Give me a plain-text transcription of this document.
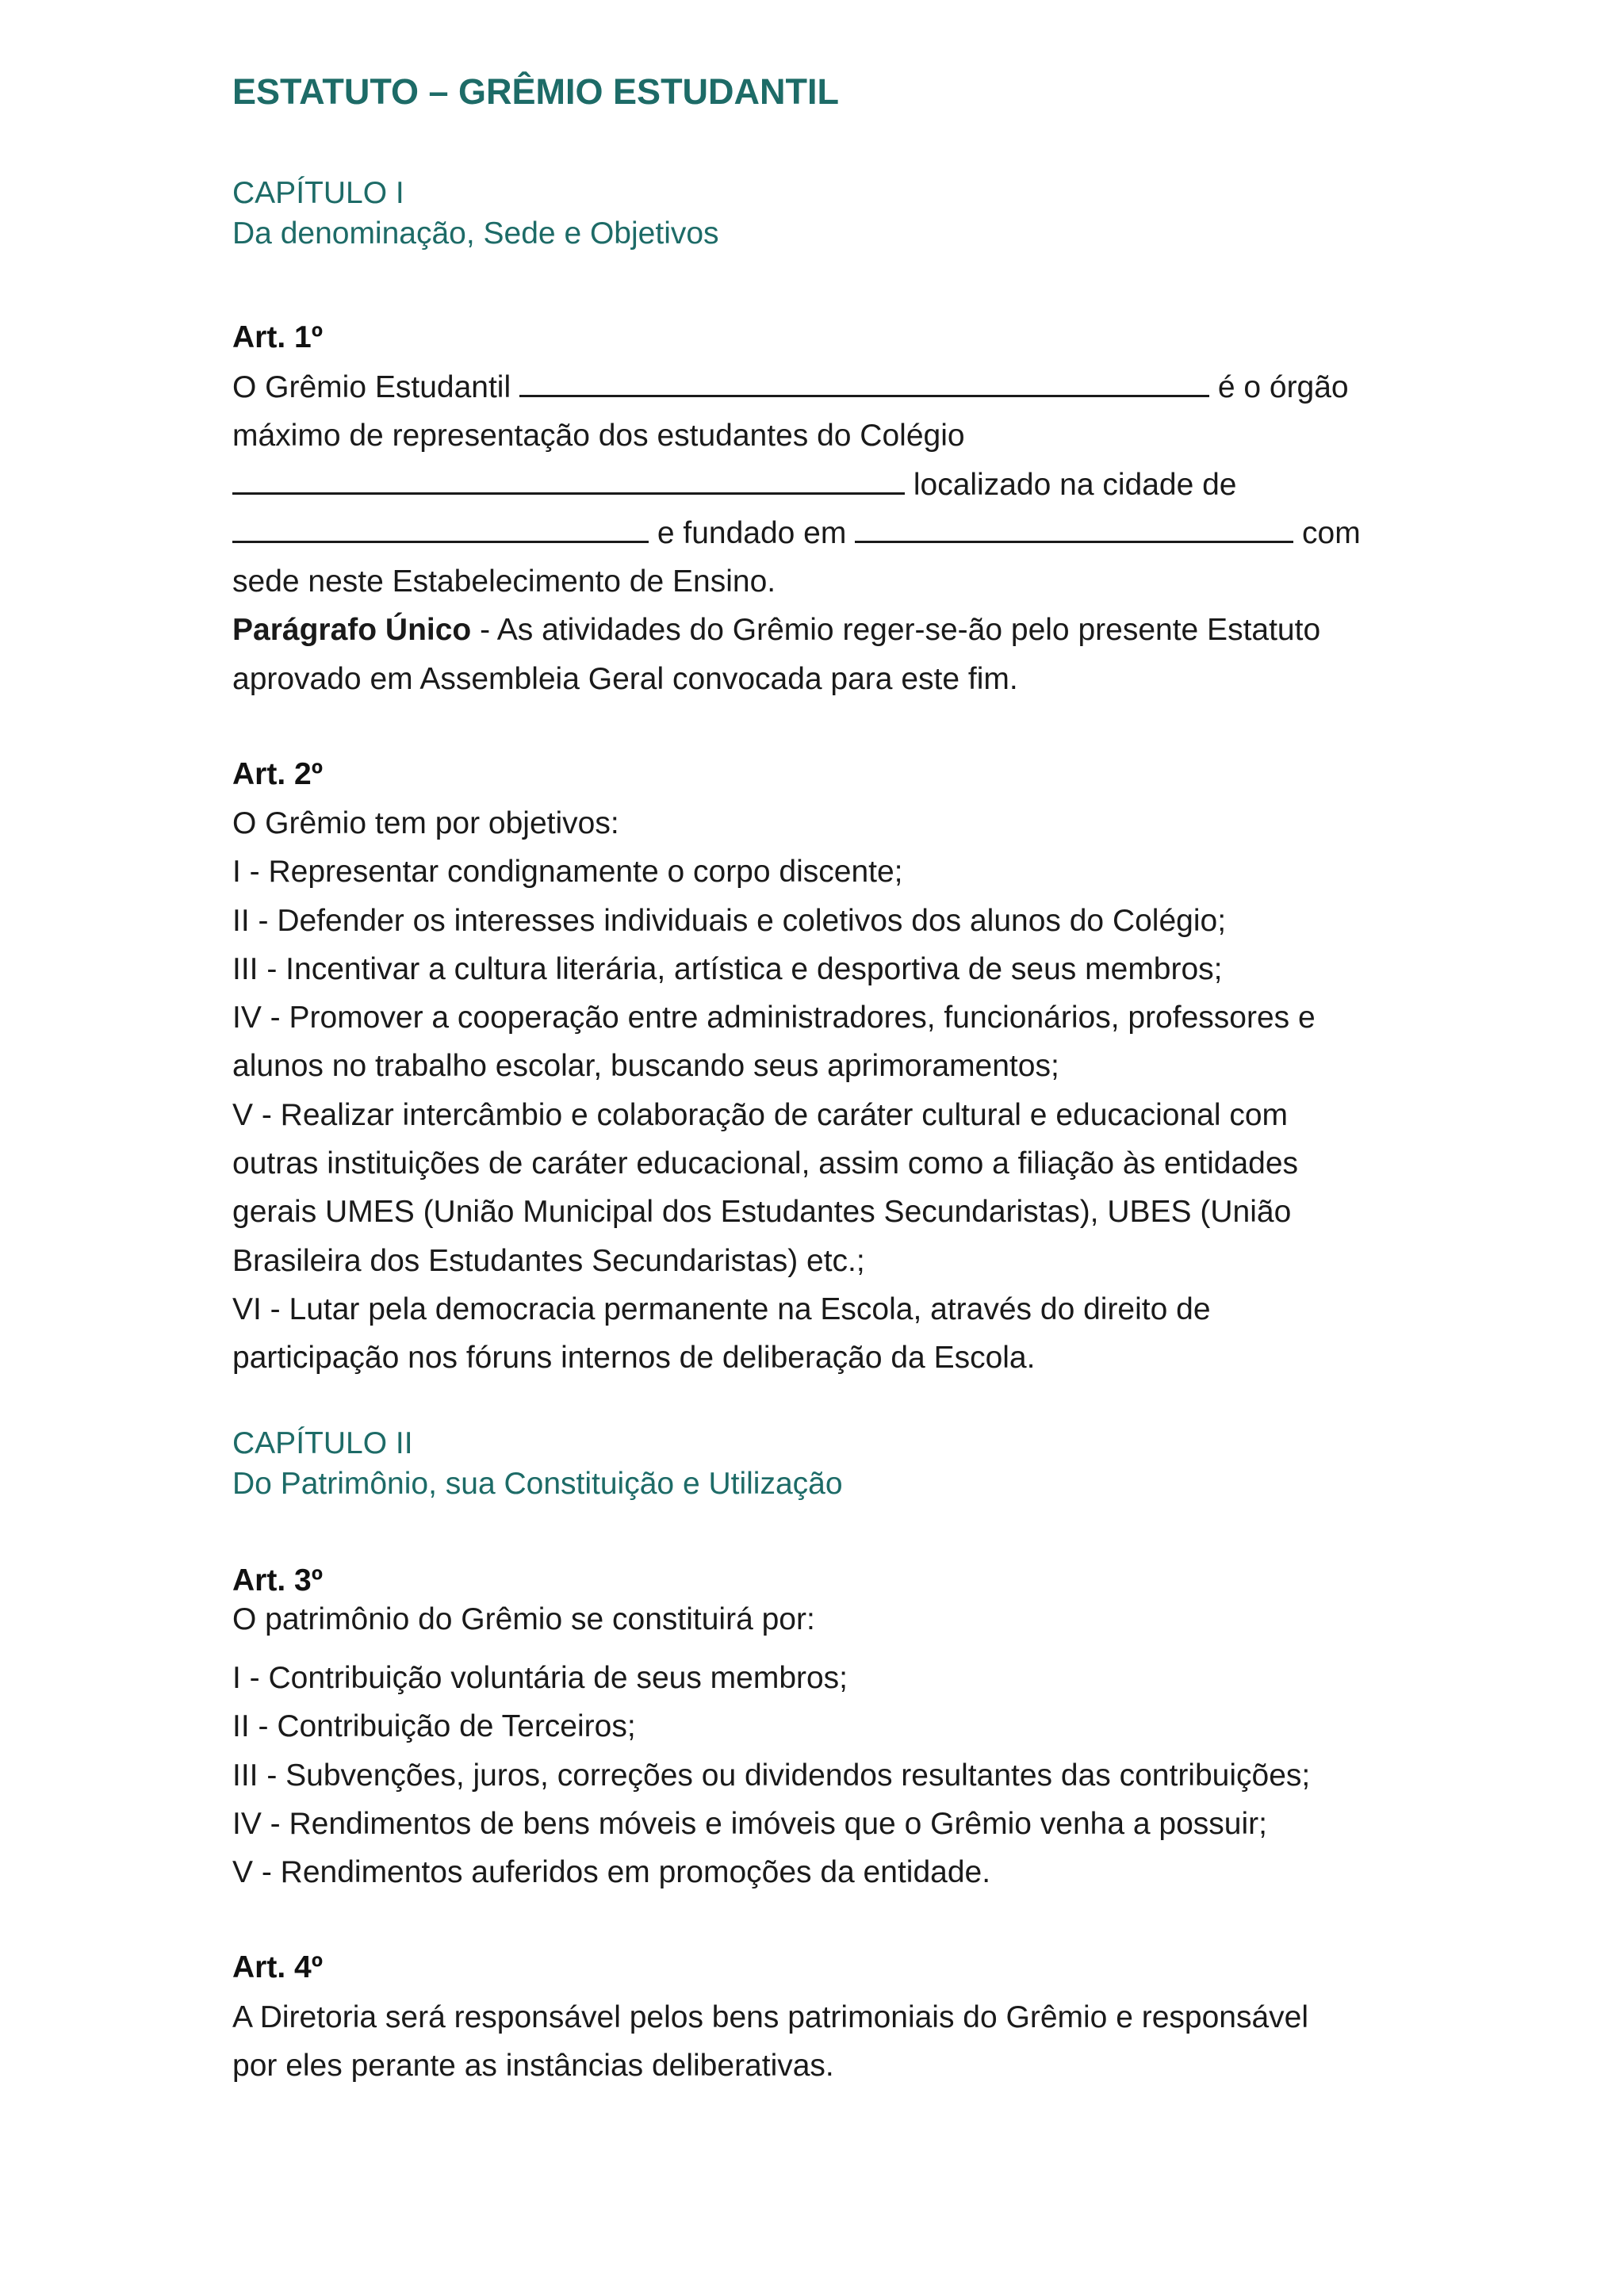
ESTATUTO – GRÊMIO ESTUDANTIL
CAPÍTULO I
Da denominação, Sede e Objetivos
Art. 1º
O Grêmio Estudantil	é o órgão
máximo de representação dos estudantes do Colégio
localizado na cidade de
e fundado em	com
sede neste Estabelecimento de Ensino.
Parágrafo Único - As atividades do Grêmio reger-se-ão pelo presente Estatuto
aprovado em Assembleia Geral convocada para este fim.
Art. 2º
O Grêmio tem por objetivos:
I - Representar condignamente o corpo discente;
II - Defender os interesses individuais e coletivos dos alunos do Colégio;
III - Incentivar a cultura literária, artística e desportiva de seus membros;
IV - Promover a cooperação entre administradores, funcionários, professores e
alunos no trabalho escolar, buscando seus aprimoramentos;
V - Realizar intercâmbio e colaboração de caráter cultural e educacional com
outras instituições de caráter educacional, assim como a filiação às entidades
gerais UMES (União Municipal dos Estudantes Secundaristas), UBES (União
Brasileira dos Estudantes Secundaristas) etc.;
VI - Lutar pela democracia permanente na Escola, através do direito de
participação nos fóruns internos de deliberação da Escola.
CAPÍTULO II
Do Patrimônio, sua Constituição e Utilização
Art. 3º
O patrimônio do Grêmio se constituirá por:
I - Contribuição voluntária de seus membros;
II - Contribuição de Terceiros;
III - Subvenções, juros, correções ou dividendos resultantes das contribuições;
IV - Rendimentos de bens móveis e imóveis que o Grêmio venha a possuir;
V - Rendimentos auferidos em promoções da entidade.
Art. 4º
A Diretoria será responsável pelos bens patrimoniais do Grêmio e responsável
por eles perante as instâncias deliberativas.
